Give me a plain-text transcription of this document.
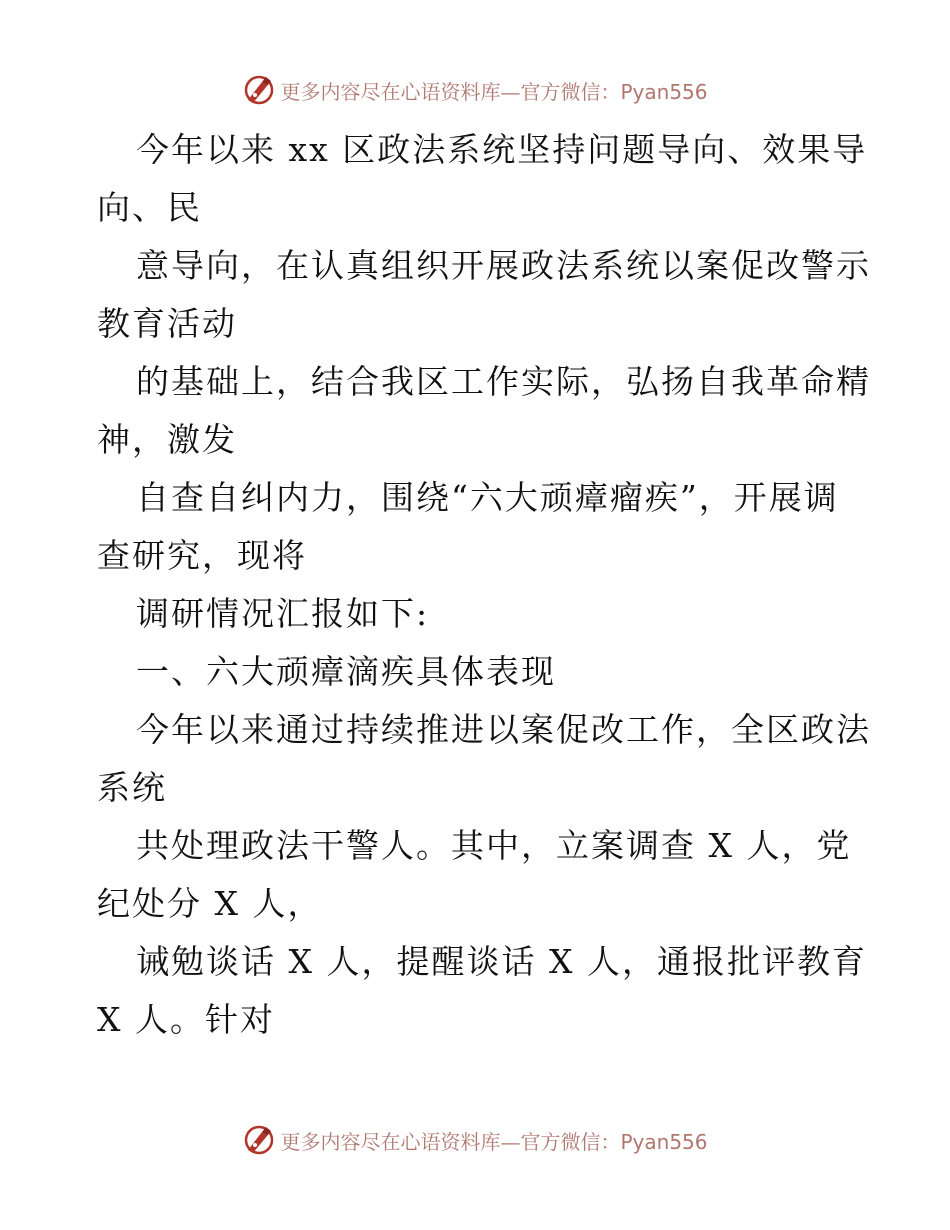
更多内容尽在心语资料库—官方微信：Pyan556
今年以来 xx 区政法系统坚持问题导向、效果导
向、民
意导向，在认真组织开展政法系统以案促改警示
教育活动
的基础上，结合我区工作实际，弘扬自我革命精
神，激发
自查自纠内力，围绕“六大顽瘴瘤疾”，开展调
查研究，现将
调研情况汇报如下:
一、六大顽瘴滴疾具体表现
今年以来通过持续推进以案促改工作，全区政法
系统
共处理政法干警人。其中，立案调查 X 人，党
纪处分 X 人，
诫勉谈话 X 人，提醒谈话 X 人，通报批评教育
X 人。针对
更多内容尽在心语资料库—官方微信：Pyan556
